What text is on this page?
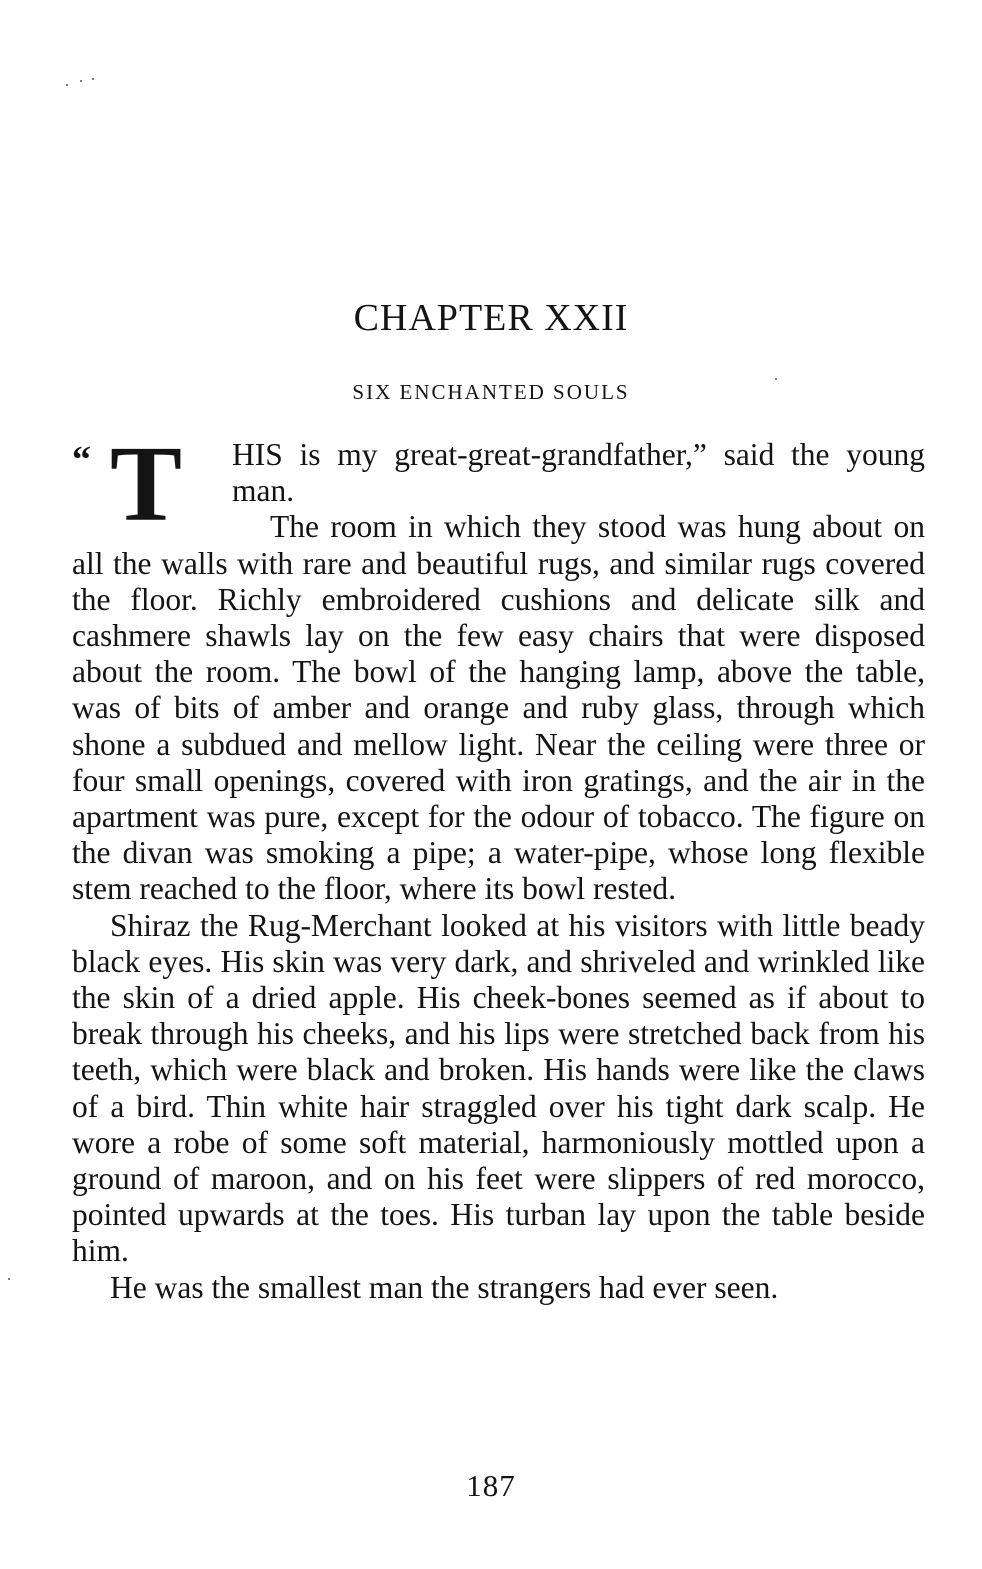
CHAPTER XXII
SIX ENCHANTED SOULS

“ T HIS is my great-great-grandfather,” said the young man.

The room in which they stood was hung about on all the walls with rare and beautiful rugs, and similar rugs covered the floor. Richly embroidered cushions and delicate silk and cashmere shawls lay on the few easy chairs that were disposed about the room. The bowl of the hanging lamp, above the table, was of bits of amber and orange and ruby glass, through which shone a subdued and mellow light. Near the ceiling were three or four small openings, covered with iron gratings, and the air in the apartment was pure, except for the odour of tobacco. The figure on the divan was smoking a pipe; a water-pipe, whose long flexible stem reached to the floor, where its bowl rested.

Shiraz the Rug-Merchant looked at his visitors with little beady black eyes. His skin was very dark, and shriveled and wrinkled like the skin of a dried apple. His cheek-bones seemed as if about to break through his cheeks, and his lips were stretched back from his teeth, which were black and broken. His hands were like the claws of a bird. Thin white hair straggled over his tight dark scalp. He wore a robe of some soft material, harmoniously mottled upon a ground of maroon, and on his feet were slippers of red morocco, pointed upwards at the toes. His turban lay upon the table beside him.

He was the smallest man the strangers had ever seen.

187
